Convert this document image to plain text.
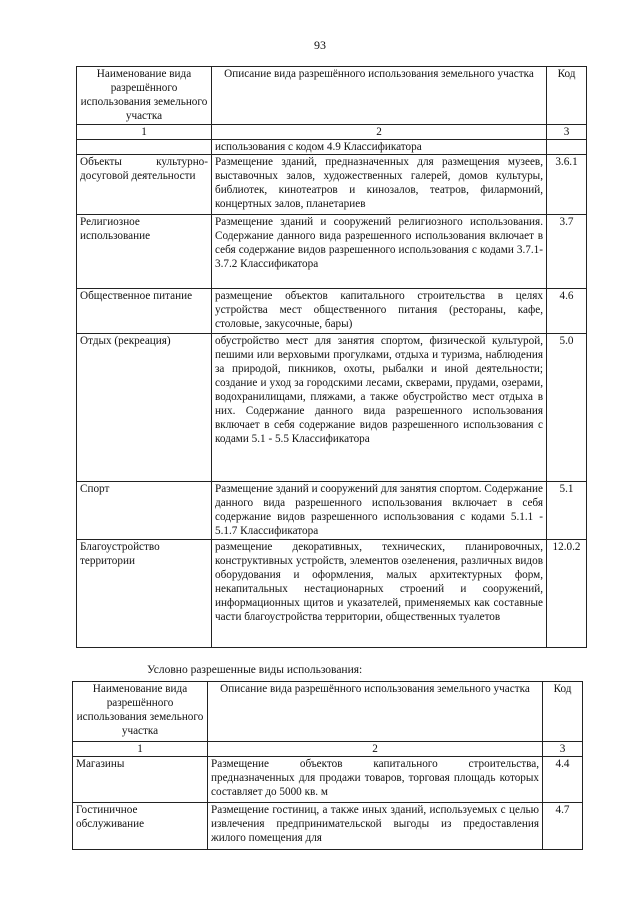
93
Наименование вида разрешённого использования земельного участка	Описание вида разрешённого использования земельного участка	Код
1	2	3
	использования с кодом 4.9 Классификатора	
Объекты культурно-досуговой деятельности	Размещение зданий, предназначенных для размещения музеев, выставочных залов, художественных галерей, домов культуры, библиотек, кинотеатров и кинозалов, театров, филармоний, концертных залов, планетариев	3.6.1
Религиозное использование	Размещение зданий и сооружений религиозного использования. Содержание данного вида разрешенного использования включает в себя содержание видов разрешенного использования с кодами 3.7.1-3.7.2 Классификатора	3.7
Общественное питание	размещение объектов капитального строительства в целях устройства мест общественного питания (рестораны, кафе, столовые, закусочные, бары)	4.6
Отдых (рекреация)	обустройство мест для занятия спортом, физической культурой, пешими или верховыми прогулками, отдыха и туризма, наблюдения за природой, пикников, охоты, рыбалки и иной деятельности; создание и уход за городскими лесами, скверами, прудами, озерами, водохранилищами, пляжами, а также обустройство мест отдыха в них. Содержание данного вида разрешенного использования включает в себя содержание видов разрешенного использования с кодами 5.1 - 5.5 Классификатора	5.0
Спорт	Размещение зданий и сооружений для занятия спортом. Содержание данного вида разрешенного использования включает в себя содержание видов разрешенного использования с кодами 5.1.1 - 5.1.7 Классификатора	5.1
Благоустройство территории	размещение декоративных, технических, планировочных, конструктивных устройств, элементов озеленения, различных видов оборудования и оформления, малых архитектурных форм, некапитальных нестационарных строений и сооружений, информационных щитов и указателей, применяемых как составные части благоустройства территории, общественных туалетов	12.0.2
Условно разрешенные виды использования:
Наименование вида разрешённого использования земельного участка	Описание вида разрешённого использования земельного участка	Код
1	2	3
Магазины	Размещение объектов капитального строительства, предназначенных для продажи товаров, торговая площадь которых составляет до 5000 кв. м	4.4
Гостиничное обслуживание	Размещение гостиниц, а также иных зданий, используемых с целью извлечения предпринимательской выгоды из предоставления жилого помещения для	4.7
